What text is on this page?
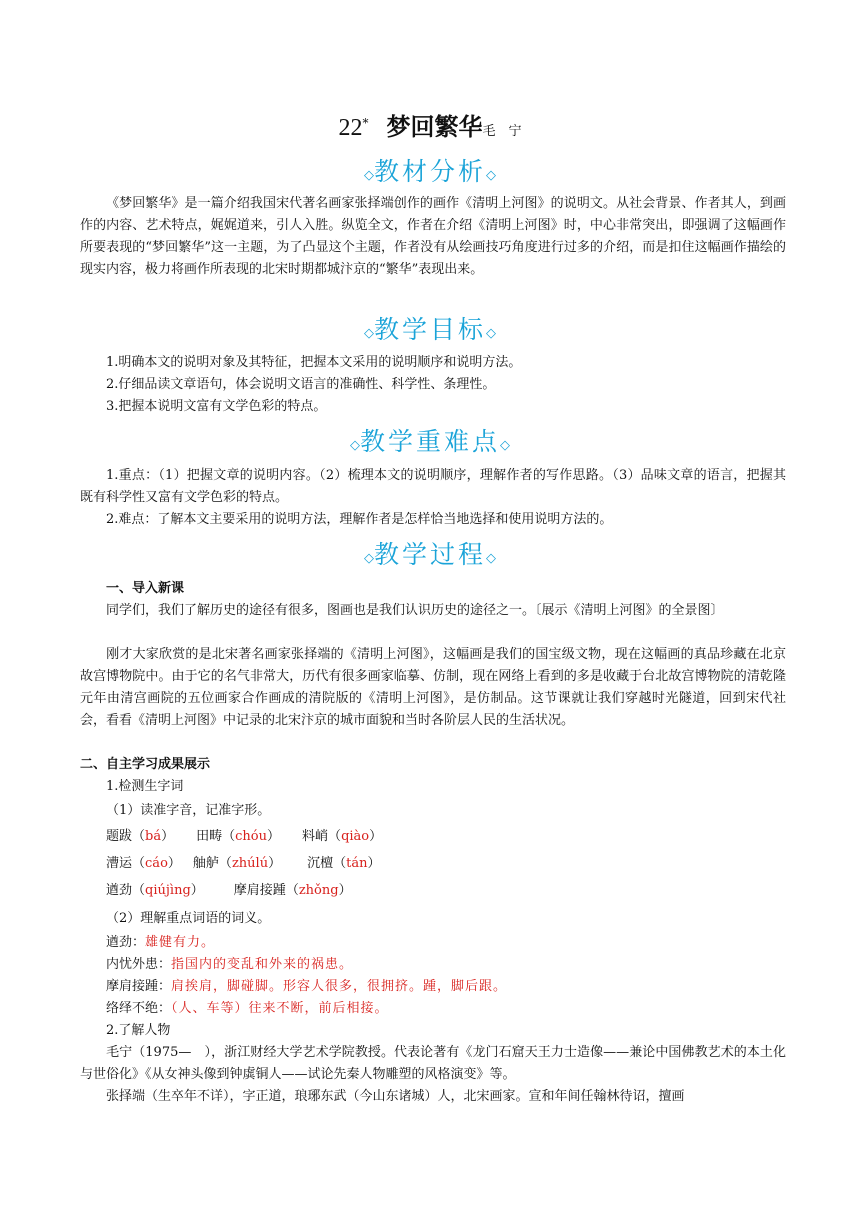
22* 梦回繁华毛　宁
◇教材分析◇

《梦回繁华》是一篇介绍我国宋代著名画家张择端创作的画作《清明上河图》的说明文。从社会背景、作者其人，到画作的内容、艺术特点，娓娓道来，引人入胜。纵览全文，作者在介绍《清明上河图》时，中心非常突出，即强调了这幅画作所要表现的“梦回繁华”这一主题，为了凸显这个主题，作者没有从绘画技巧角度进行过多的介绍，而是扣住这幅画作描绘的现实内容，极力将画作所表现的北宋时期都城汴京的“繁华”表现出来。

◇教学目标◇
1.明确本文的说明对象及其特征，把握本文采用的说明顺序和说明方法。
2.仔细品读文章语句，体会说明文语言的准确性、科学性、条理性。
3.把握本说明文富有文学色彩的特点。
◇教学重难点◇

1.重点：（1）把握文章的说明内容。（2）梳理本文的说明顺序，理解作者的写作思路。（3）品味文章的语言，把握其既有科学性又富有文学色彩的特点。

2.难点：了解本文主要采用的说明方法，理解作者是怎样恰当地选择和使用说明方法的。
◇教学过程◇
一、导入新课

同学们，我们了解历史的途径有很多，图画也是我们认识历史的途径之一。〔展示《清明上河图》的全景图〕

刚才大家欣赏的是北宋著名画家张择端的《清明上河图》，这幅画是我们的国宝级文物，现在这幅画的真品珍藏在北京故宫博物院中。由于它的名气非常大，历代有很多画家临摹、仿制，现在网络上看到的多是收藏于台北故宫博物院的清乾隆元年由清宫画院的五位画家合作画成的清院版的《清明上河图》，是仿制品。这节课就让我们穿越时光隧道，回到宋代社会，看看《清明上河图》中记录的北宋汴京的城市面貌和当时各阶层人民的生活状况。

二、自主学习成果展示
1.检测生字词
（1）读准字音，记准字形。
题跋（bá） 田畴（chóu） 料峭（qiào）
漕运（cáo） 舳舻（zhúlú） 沉檀（tán）
遒劲（qiújìng） 摩肩接踵（zhǒng）
（2）理解重点词语的词义。
遒劲：雄健有力。
内忧外患：指国内的变乱和外来的祸患。
摩肩接踵：肩挨肩，脚碰脚。形容人很多，很拥挤。踵，脚后跟。
络绎不绝：（人、车等）往来不断，前后相接。
2.了解人物

毛宁（1975—　），浙江财经大学艺术学院教授。代表论著有《龙门石窟天王力士造像——兼论中国佛教艺术的本土化与世俗化》《从女神头像到钟虡铜人——试论先秦人物雕塑的风格演变》等。

张择端（生卒年不详），字正道，琅琊东武（今山东诸城）人，北宋画家。宣和年间任翰林待诏，擅画
